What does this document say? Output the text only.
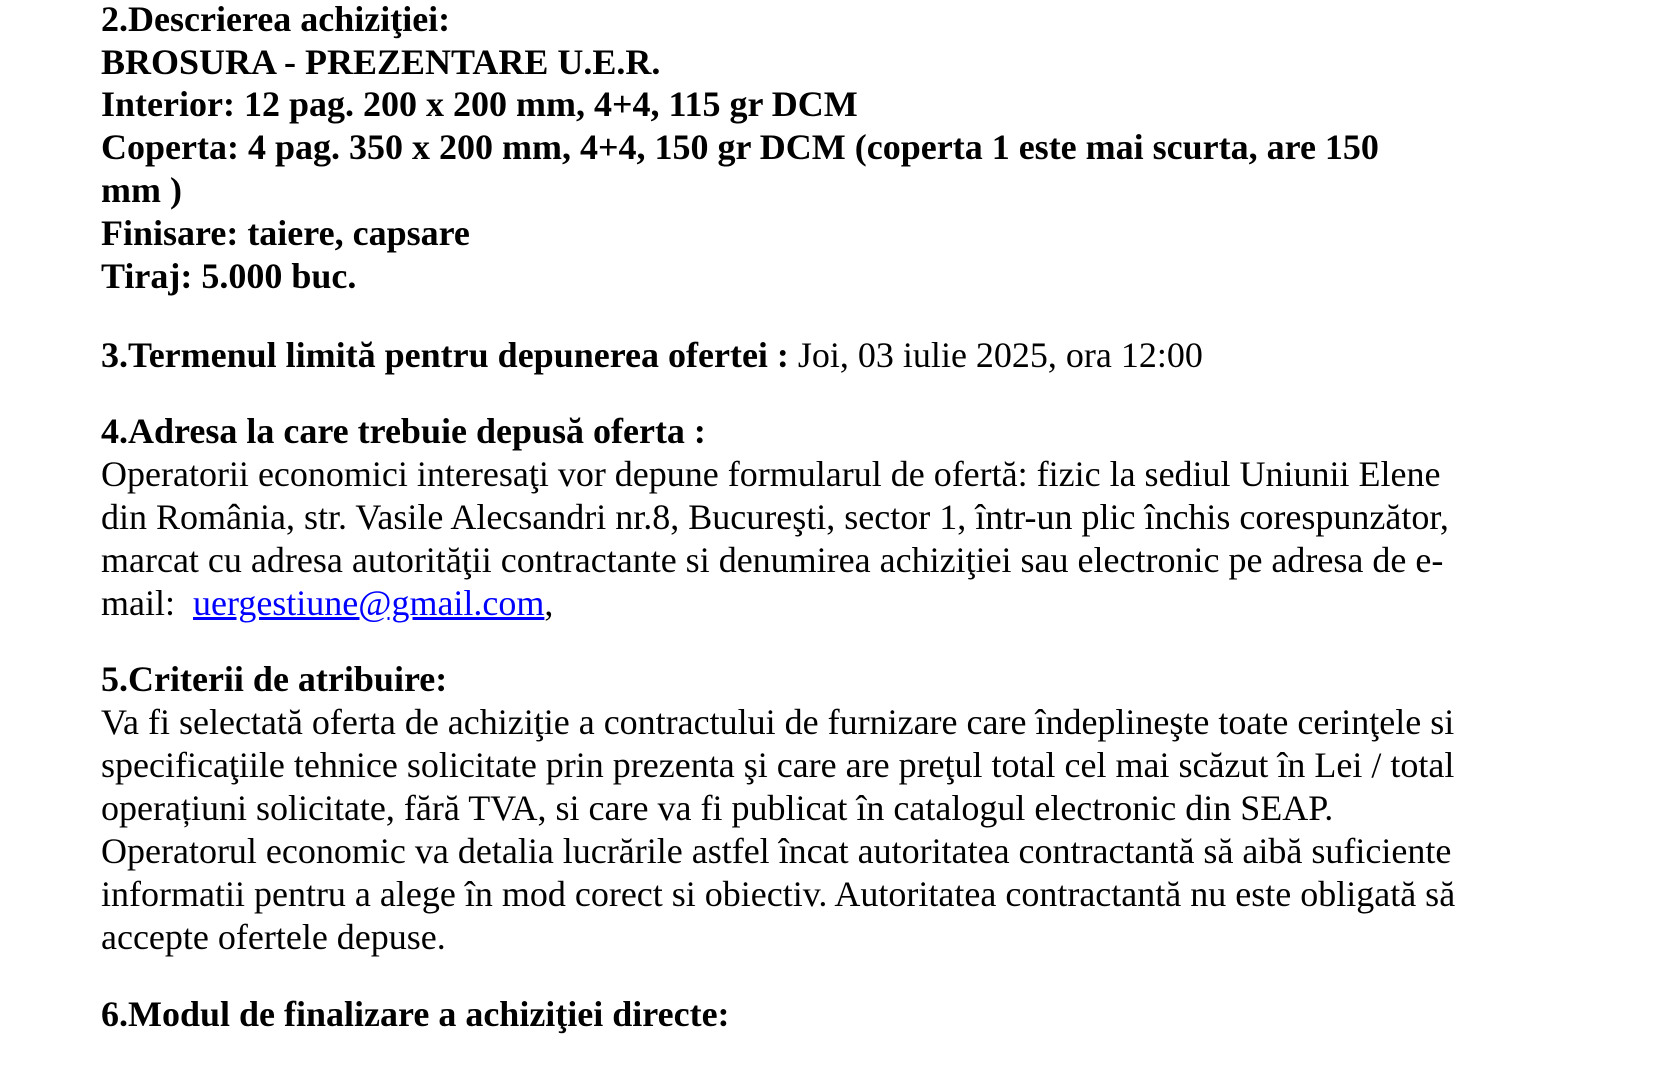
2.Descrierea achiziţiei:

BROSURA - PREZENTARE U.E.R.

Interior: 12 pag. 200 x 200 mm, 4+4, 115 gr DCM

Coperta: 4 pag. 350 x 200 mm, 4+4, 150 gr DCM (coperta 1 este mai scurta, are 150

mm )

Finisare: taiere, capsare

Tiraj: 5.000 buc.

3.Termenul limită pentru depunerea ofertei : Joi, 03 iulie 2025, ora 12:00

4.Adresa la care trebuie depusă oferta :

Operatorii economici interesaţi vor depune formularul de ofertă: fizic la sediul Uniunii Elene

din România, str. Vasile Alecsandri nr.8, Bucureşti, sector 1, într-un plic închis corespunzător,

marcat cu adresa autorităţii contractante si denumirea achiziţiei sau electronic pe adresa de e-

mail:  uergestiune@gmail.com,

5.Criterii de atribuire:

Va fi selectată oferta de achiziţie a contractului de furnizare care îndeplineşte toate cerinţele si

specificaţiile tehnice solicitate prin prezenta şi care are preţul total cel mai scăzut în Lei / total

operațiuni solicitate, fără TVA, si care va fi publicat în catalogul electronic din SEAP.

Operatorul economic va detalia lucrările astfel încat autoritatea contractantă să aibă suficiente

informatii pentru a alege în mod corect si obiectiv. Autoritatea contractantă nu este obligată să

accepte ofertele depuse.

6.Modul de finalizare a achiziţiei directe:
